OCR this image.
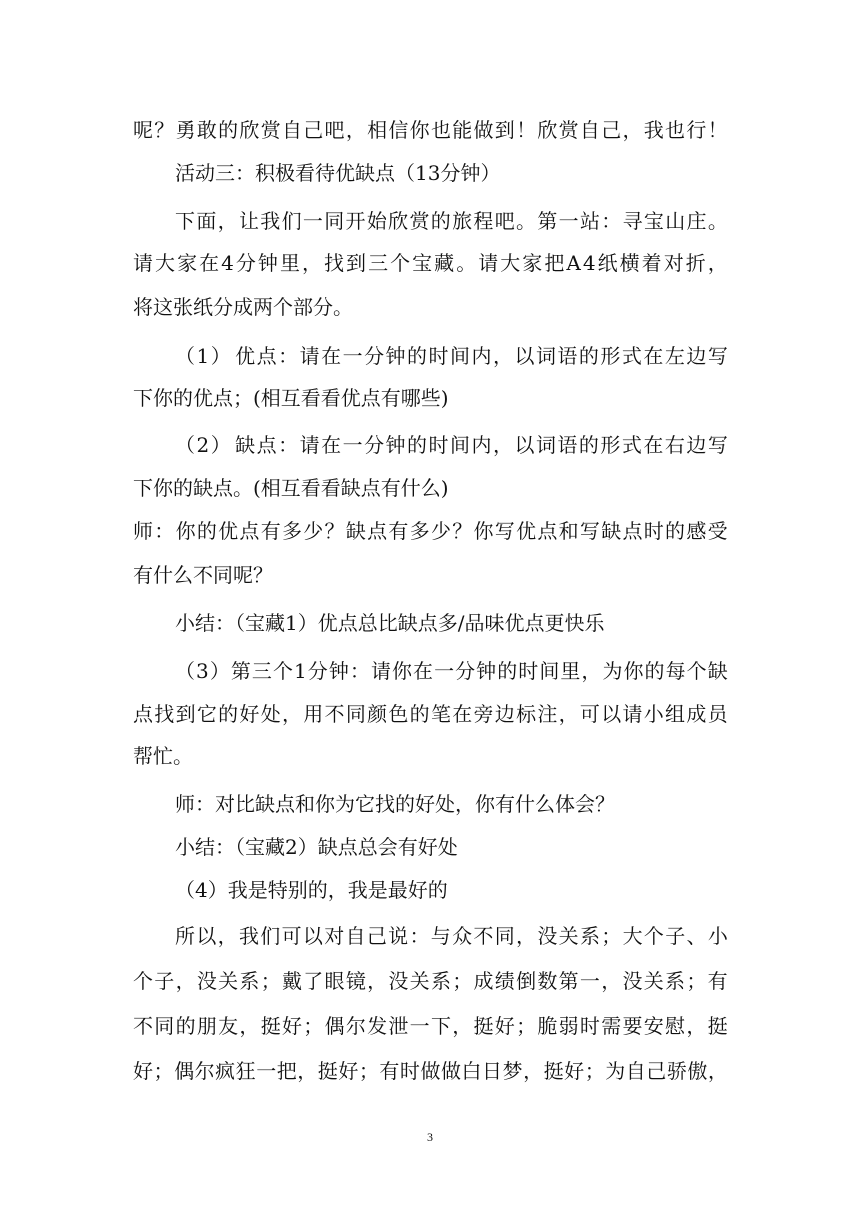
呢 ？ 勇 敢 的 欣 赏 自 己 吧 ， 相 信 你 也 能 做 到 ！ 欣 赏 自 己 ， 我 也 行 ！
活动三：积极看待优缺点（13分钟）
下 面 ， 让 我 们 一 同 开 始 欣 赏 的 旅 程 吧 。 第 一 站 ： 寻 宝 山 庄 。
请 大 家 在 4 分 钟 里 ， 找 到 三 个 宝 藏 。 请 大 家 把 A 4 纸 横 着 对 折 ，
将这张纸分成两个部分。
（ 1 ） 优 点 ： 请 在 一 分 钟 的 时 间 内 ， 以 词 语 的 形 式 在 左 边 写
下你的优点；(相互看看优点有哪些)
（ 2 ） 缺 点 ： 请 在 一 分 钟 的 时 间 内 ， 以 词 语 的 形 式 在 右 边 写
下你的缺点。(相互看看缺点有什么)
师 ： 你 的 优 点 有 多 少 ？ 缺 点 有 多 少 ？ 你 写 优 点 和 写 缺 点 时 的 感 受
有什么不同呢？
小结：（宝藏1）优点总比缺点多/品味优点更快乐
（ 3 ） 第 三 个 1 分 钟 ： 请 你 在 一 分 钟 的 时 间 里 ， 为 你 的 每 个 缺
点 找 到 它 的 好 处 ， 用 不 同 颜 色 的 笔 在 旁 边 标 注 ， 可 以 请 小 组 成 员
帮忙。
师：对比缺点和你为它找的好处，你有什么体会？
小结：（宝藏2）缺点总会有好处
（4）我是特别的，我是最好的
所 以 ， 我 们 可 以 对 自 己 说 ： 与 众 不 同 ， 没 关 系 ； 大 个 子 、 小
个 子 ， 没 关 系 ； 戴 了 眼 镜 ， 没 关 系 ； 成 绩 倒 数 第 一 ， 没 关 系 ； 有
不 同 的 朋 友 ， 挺 好 ； 偶 尔 发 泄 一 下 ， 挺 好 ； 脆 弱 时 需 要 安 慰 ， 挺
好 ； 偶 尔 疯 狂 一 把 ， 挺 好 ； 有 时 做 做 白 日 梦 ， 挺 好 ； 为 自 己 骄 傲 ，
3
